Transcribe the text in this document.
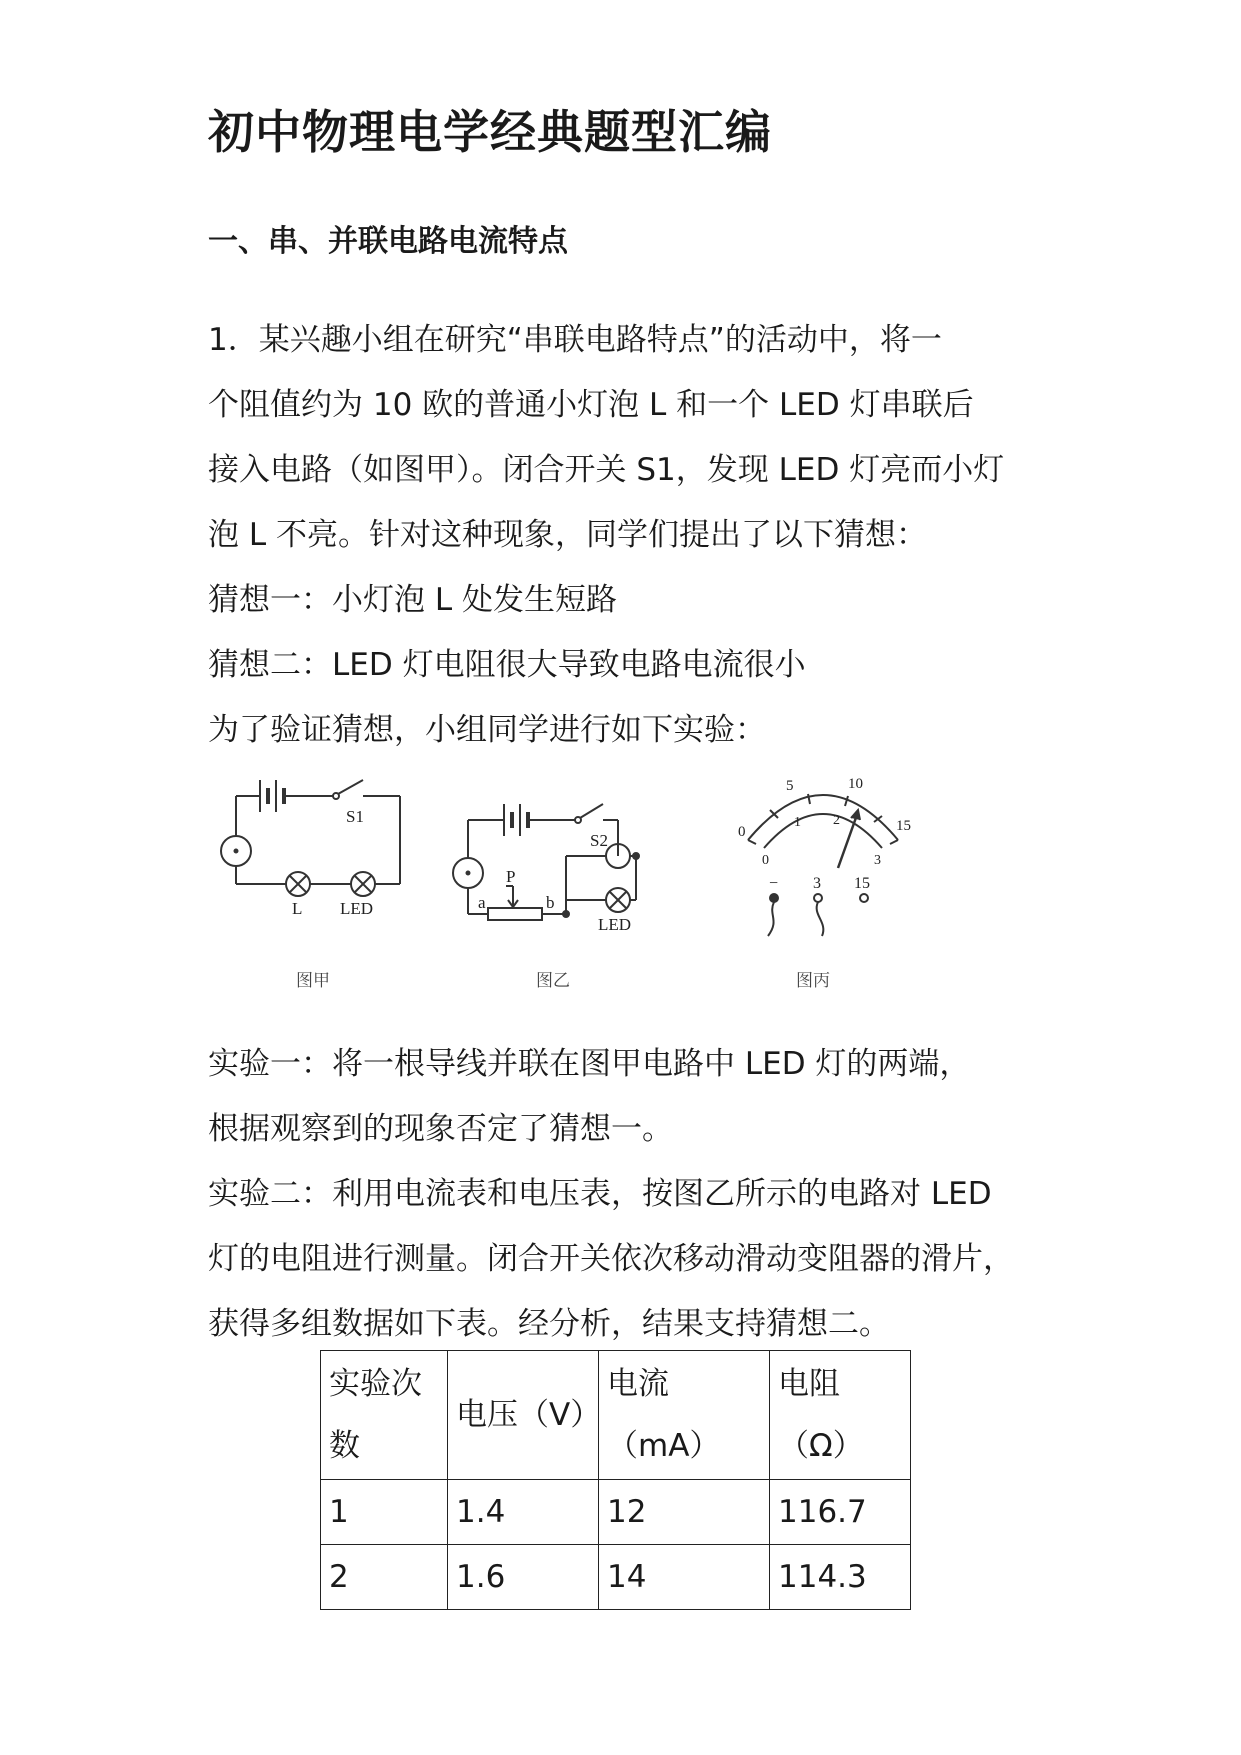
初中物理电学经典题型汇编
一、串、并联电路电流特点
1．某兴趣小组在研究“串联电路特点”的活动中，将一
个阻值约为 10 欧的普通小灯泡 L 和一个 LED 灯串联后
接入电路（如图甲）。闭合开关 S1，发现 LED 灯亮而小灯
泡 L 不亮。针对这种现象，同学们提出了以下猜想：
猜想一：小灯泡 L 处发生短路
猜想二：LED 灯电阻很大导致电路电流很小
为了验证猜想，小组同学进行如下实验：
S1
L LED
图甲
S2
P
a	b
LED
图乙
0
5	10
15
0
1 2
3
− 3 15
图丙
实验一：将一根导线并联在图甲电路中 LED 灯的两端，
根据观察到的现象否定了猜想一。
实验二：利用电流表和电压表，按图乙所示的电路对 LED
灯的电阻进行测量。闭合开关依次移动滑动变阻器的滑片，
获得多组数据如下表。经分析，结果支持猜想二。
实验次数	电压（V）	电流（mA）	电阻（Ω）
1	1.4	12	116.7
2	1.6	14	114.3
